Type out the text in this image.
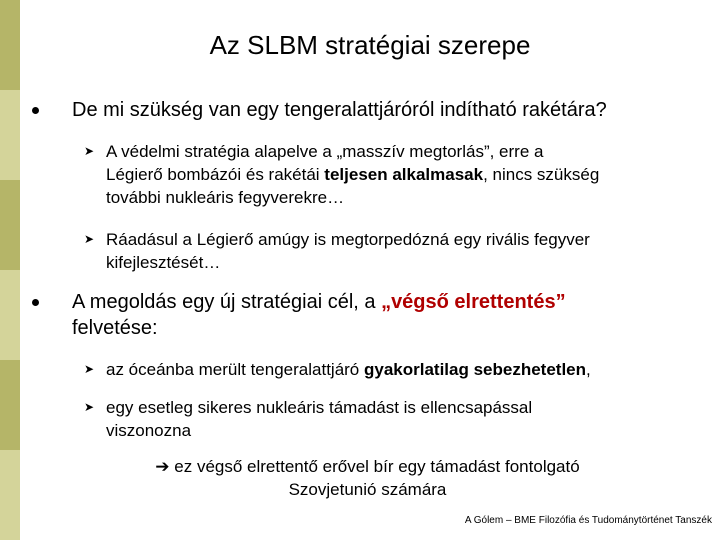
Az SLBM stratégiai szerepe
De mi szükség van egy tengeralattjáróról indítható rakétára?
➤ A védelmi stratégia alapelve a „masszív megtorlás”, erre a
Légierő bombázói és rakétái teljesen alkalmasak, nincs szükség
további nukleáris fegyverekre…
➤ Ráadásul a Légierő amúgy is megtorpedózná egy rivális fegyver
kifejlesztését…
A megoldás egy új stratégiai cél, a „végső elrettentés”
felvetése:
➤ az óceánba merült tengeralattjáró gyakorlatilag sebezhetetlen,
➤ egy esetleg sikeres nukleáris támadást is ellencsapással
viszonozna
➔ ez végső elrettentő erővel bír egy támadást fontolgató
Szovjetunió számára
A Gólem – BME Filozófia és Tudománytörténet Tanszék
